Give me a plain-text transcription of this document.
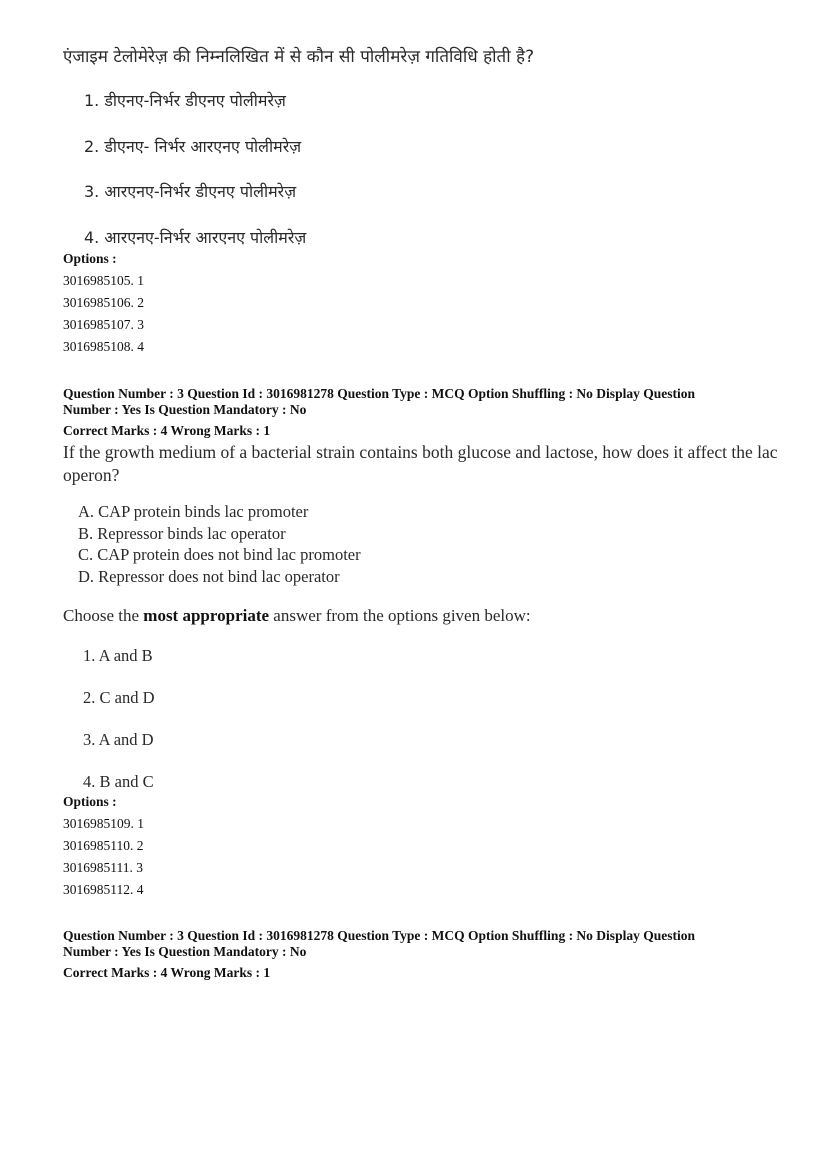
एंजाइम टेलोमेरेज़ की निम्नलिखित में से कौन सी पोलीमरेज़ गतिविधि होती है?
1. डीएनए-निर्भर डीएनए पोलीमरेज़
2. डीएनए- निर्भर आरएनए पोलीमरेज़
3. आरएनए-निर्भर डीएनए पोलीमरेज़
4. आरएनए-निर्भर आरएनए पोलीमरेज़
Options :
3016985105. 1
3016985106. 2
3016985107. 3
3016985108. 4
Question Number : 3 Question Id : 3016981278 Question Type : MCQ Option Shuffling : No Display Question
Number : Yes Is Question Mandatory : No
Correct Marks : 4 Wrong Marks : 1
If the growth medium of a bacterial strain contains both glucose and lactose, how does it affect the lac operon?
A. CAP protein binds lac promoter
B. Repressor binds lac operator
C. CAP protein does not bind lac promoter
D. Repressor does not bind lac operator
Choose the most appropriate answer from the options given below:
1. A and B
2. C and D
3. A and D
4. B and C
Options :
3016985109. 1
3016985110. 2
3016985111. 3
3016985112. 4
Question Number : 3 Question Id : 3016981278 Question Type : MCQ Option Shuffling : No Display Question
Number : Yes Is Question Mandatory : No
Correct Marks : 4 Wrong Marks : 1
